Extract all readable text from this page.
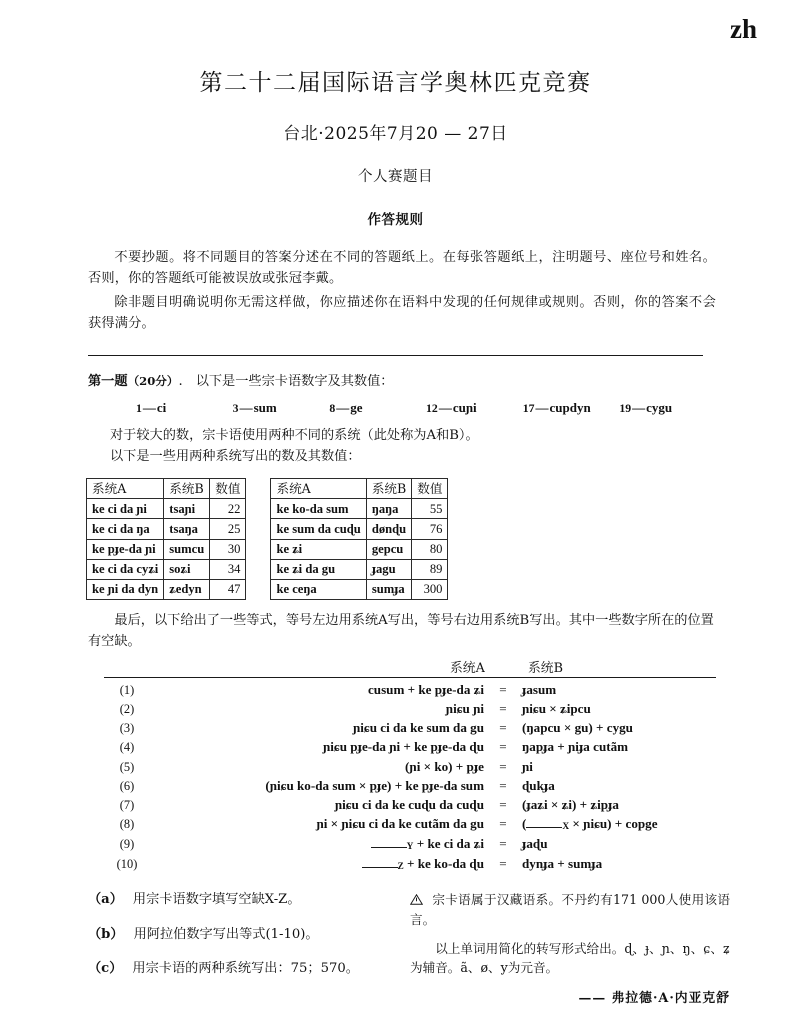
zh
第二十二届国际语言学奥林匹克竞赛
台北·2025年7月20 — 27日
个人赛题目
作答规则

不要抄题。将不同题目的答案分述在不同的答题纸上。在每张答题纸上，注明题号、座位号和姓名。否则，你的答题纸可能被误放或张冠李戴。

除非题目明确说明你无需这样做，你应描述你在语料中发现的任何规律或规则。否则，你的答案不会获得满分。

第一题（20分）. 以下是一些宗卡语数字及其数值：
1—ci	3—sum	8—ge	12—cuɲi	17—cupdyn	19—cygu

对于较大的数，宗卡语使用两种不同的系统（此处称为A和B）。

以下是一些用两种系统写出的数及其数值：

系统A	系统B	数值
ke ci da ɲi	tsaɲi	22
ke ci da ŋa	tsaŋa	25
ke pɟe-da ɲi	sumcu	30
ke ci da cyʑi	soʑi	34
ke ɲi da dyn	ʑedyn	47
系统A	系统B	数值
ke ko-da sum	ŋaŋa	55
ke sum da cuɖu	dønɖu	76
ke ʑi	gepcu	80
ke ʑi da gu	ɟagu	89
ke ceŋa	sumɟa	300

最后，以下给出了一些等式，等号左边用系统A写出，等号右边用系统B写出。其中一些数字所在的位置有空缺。

系统A	系统B
(1)	cusum + ke pɟe-da ʑi	=	ɟasum
(2)	ɲiɕu ɲi	=	ɲiɕu × ʑipcu
(3)	ɲiɕu ci da ke sum da gu	=	(ŋapcu × gu) + cygu
(4)	ɲiɕu pɟe-da ɲi + ke pɟe-da ɖu	=	ŋapɟa + ɲiɟa cutãm
(5)	(ɲi × ko) + pɟe	=	ɲi
(6)	(ɲiɕu ko-da sum × pɟe) + ke pɟe-da sum	=	ɖukɟa
(7)	ɲiɕu ci da ke cuɖu da cuɖu	=	(ɟaʑi × ʑi) + ʑipɟa
(8)	ɲi × ɲiɕu ci da ke cutãm da gu	=	(	X × ɲiɕu) + copge
(9)	Y + ke ci da ʑi	=	ɟaɖu
(10)	Z + ke ko-da ɖu	=	dynɟa + sumɟa
（a） 用宗卡语数字填写空缺X-Z。
（b） 用阿拉伯数字写出等式(1-10)。
（c） 用宗卡语的两种系统写出：75；570。

宗卡语属于汉藏语系。不丹约有171 000人使用该语言。

以上单词用简化的转写形式给出。ɖ、ɟ、ɲ、ŋ、ɕ、ʑ为辅音。ã、ø、y为元音。

—— 弗拉德·A·内亚克舒
